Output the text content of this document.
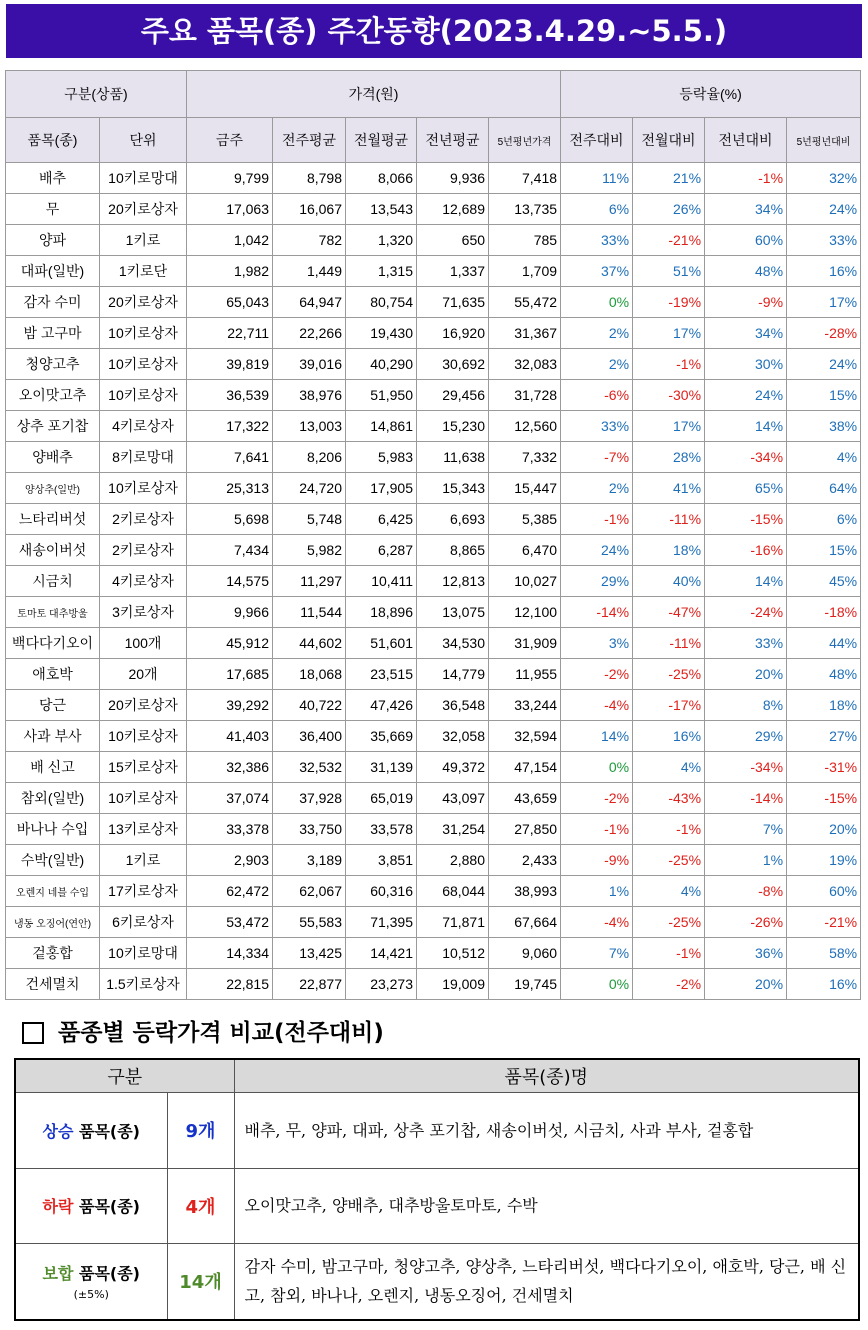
주요 품목(종) 주간동향(2023.4.29.~5.5.)
구분(상품)		가격(원)					등락율(%)			
품목(종)	단위	금주	전주평균	전월평균	전년평균	5년평년가격	전주대비	전월대비	전년대비	5년평년대비
배추	10키로망대	9,799	8,798	8,066	9,936	7,418	11%	21%	-1%	32%
무	20키로상자	17,063	16,067	13,543	12,689	13,735	6%	26%	34%	24%
양파	1키로	1,042	782	1,320	650	785	33%	-21%	60%	33%
대파(일반)	1키로단	1,982	1,449	1,315	1,337	1,709	37%	51%	48%	16%
감자 수미	20키로상자	65,043	64,947	80,754	71,635	55,472	0%	-19%	-9%	17%
밤 고구마	10키로상자	22,711	22,266	19,430	16,920	31,367	2%	17%	34%	-28%
청양고추	10키로상자	39,819	39,016	40,290	30,692	32,083	2%	-1%	30%	24%
오이맛고추	10키로상자	36,539	38,976	51,950	29,456	31,728	-6%	-30%	24%	15%
상추 포기찹	4키로상자	17,322	13,003	14,861	15,230	12,560	33%	17%	14%	38%
양배추	8키로망대	7,641	8,206	5,983	11,638	7,332	-7%	28%	-34%	4%
양상추(일반)	10키로상자	25,313	24,720	17,905	15,343	15,447	2%	41%	65%	64%
느타리버섯	2키로상자	5,698	5,748	6,425	6,693	5,385	-1%	-11%	-15%	6%
새송이버섯	2키로상자	7,434	5,982	6,287	8,865	6,470	24%	18%	-16%	15%
시금치	4키로상자	14,575	11,297	10,411	12,813	10,027	29%	40%	14%	45%
토마토 대추방울	3키로상자	9,966	11,544	18,896	13,075	12,100	-14%	-47%	-24%	-18%
백다다기오이	100개	45,912	44,602	51,601	34,530	31,909	3%	-11%	33%	44%
애호박	20개	17,685	18,068	23,515	14,779	11,955	-2%	-25%	20%	48%
당근	20키로상자	39,292	40,722	47,426	36,548	33,244	-4%	-17%	8%	18%
사과 부사	10키로상자	41,403	36,400	35,669	32,058	32,594	14%	16%	29%	27%
배 신고	15키로상자	32,386	32,532	31,139	49,372	47,154	0%	4%	-34%	-31%
참외(일반)	10키로상자	37,074	37,928	65,019	43,097	43,659	-2%	-43%	-14%	-15%
바나나 수입	13키로상자	33,378	33,750	33,578	31,254	27,850	-1%	-1%	7%	20%
수박(일반)	1키로	2,903	3,189	3,851	2,880	2,433	-9%	-25%	1%	19%
오렌지 네블 수입	17키로상자	62,472	62,067	60,316	68,044	38,993	1%	4%	-8%	60%
냉동 오징어(연안)	6키로상자	53,472	55,583	71,395	71,871	67,664	-4%	-25%	-26%	-21%
겉홍합	10키로망대	14,334	13,425	14,421	10,512	9,060	7%	-1%	36%	58%
건세멸치	1.5키로상자	22,815	22,877	23,273	19,009	19,745	0%	-2%	20%	16%
품종별 등락가격 비교(전주대비)
구분		품목(종)명
상승 품목(종)	9개	배추, 무, 양파, 대파, 상추 포기찹, 새송이버섯, 시금치, 사과 부사, 겉홍합
하락 품목(종)	4개	오이맛고추, 양배추, 대추방울토마토, 수박
보합 품목(종)
(±5%)	14개	감자 수미, 밤고구마, 청양고추, 양상추, 느타리버섯, 백다다기오이, 애호박, 당근, 배 신고, 참외, 바나나, 오렌지, 냉동오징어, 건세멸치
